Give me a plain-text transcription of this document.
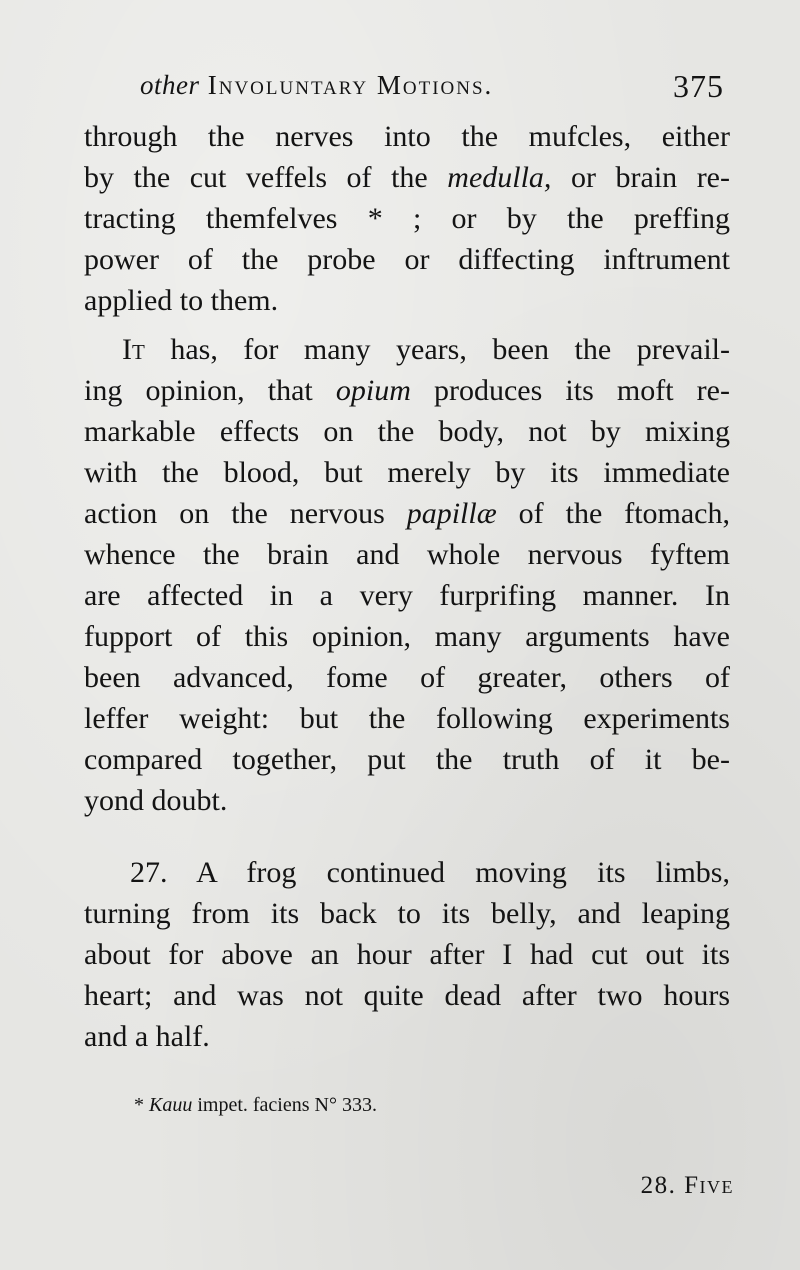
other Involuntary Motions.	375
through the nerves into the mufcles, either
by the cut veffels of the medulla, or brain re-
tracting themfelves * ; or by the preffing
power of the probe or diffecting inftrument
applied to them.
It has, for many years, been the prevail-
ing opinion, that opium produces its moft re-
markable effects on the body, not by mixing
with the blood, but merely by its immediate
action on the nervous papillæ of the ftomach,
whence the brain and whole nervous fyftem
are affected in a very furprifing manner. In
fupport of this opinion, many arguments have
been advanced, fome of greater, others of
leffer weight: but the following experiments
compared together, put the truth of it be-
yond doubt.
27. A frog continued moving its limbs,
turning from its back to its belly, and leaping
about for above an hour after I had cut out its
heart; and was not quite dead after two hours
and a half.
* Kauu impet. faciens N° 333.
28. Five
